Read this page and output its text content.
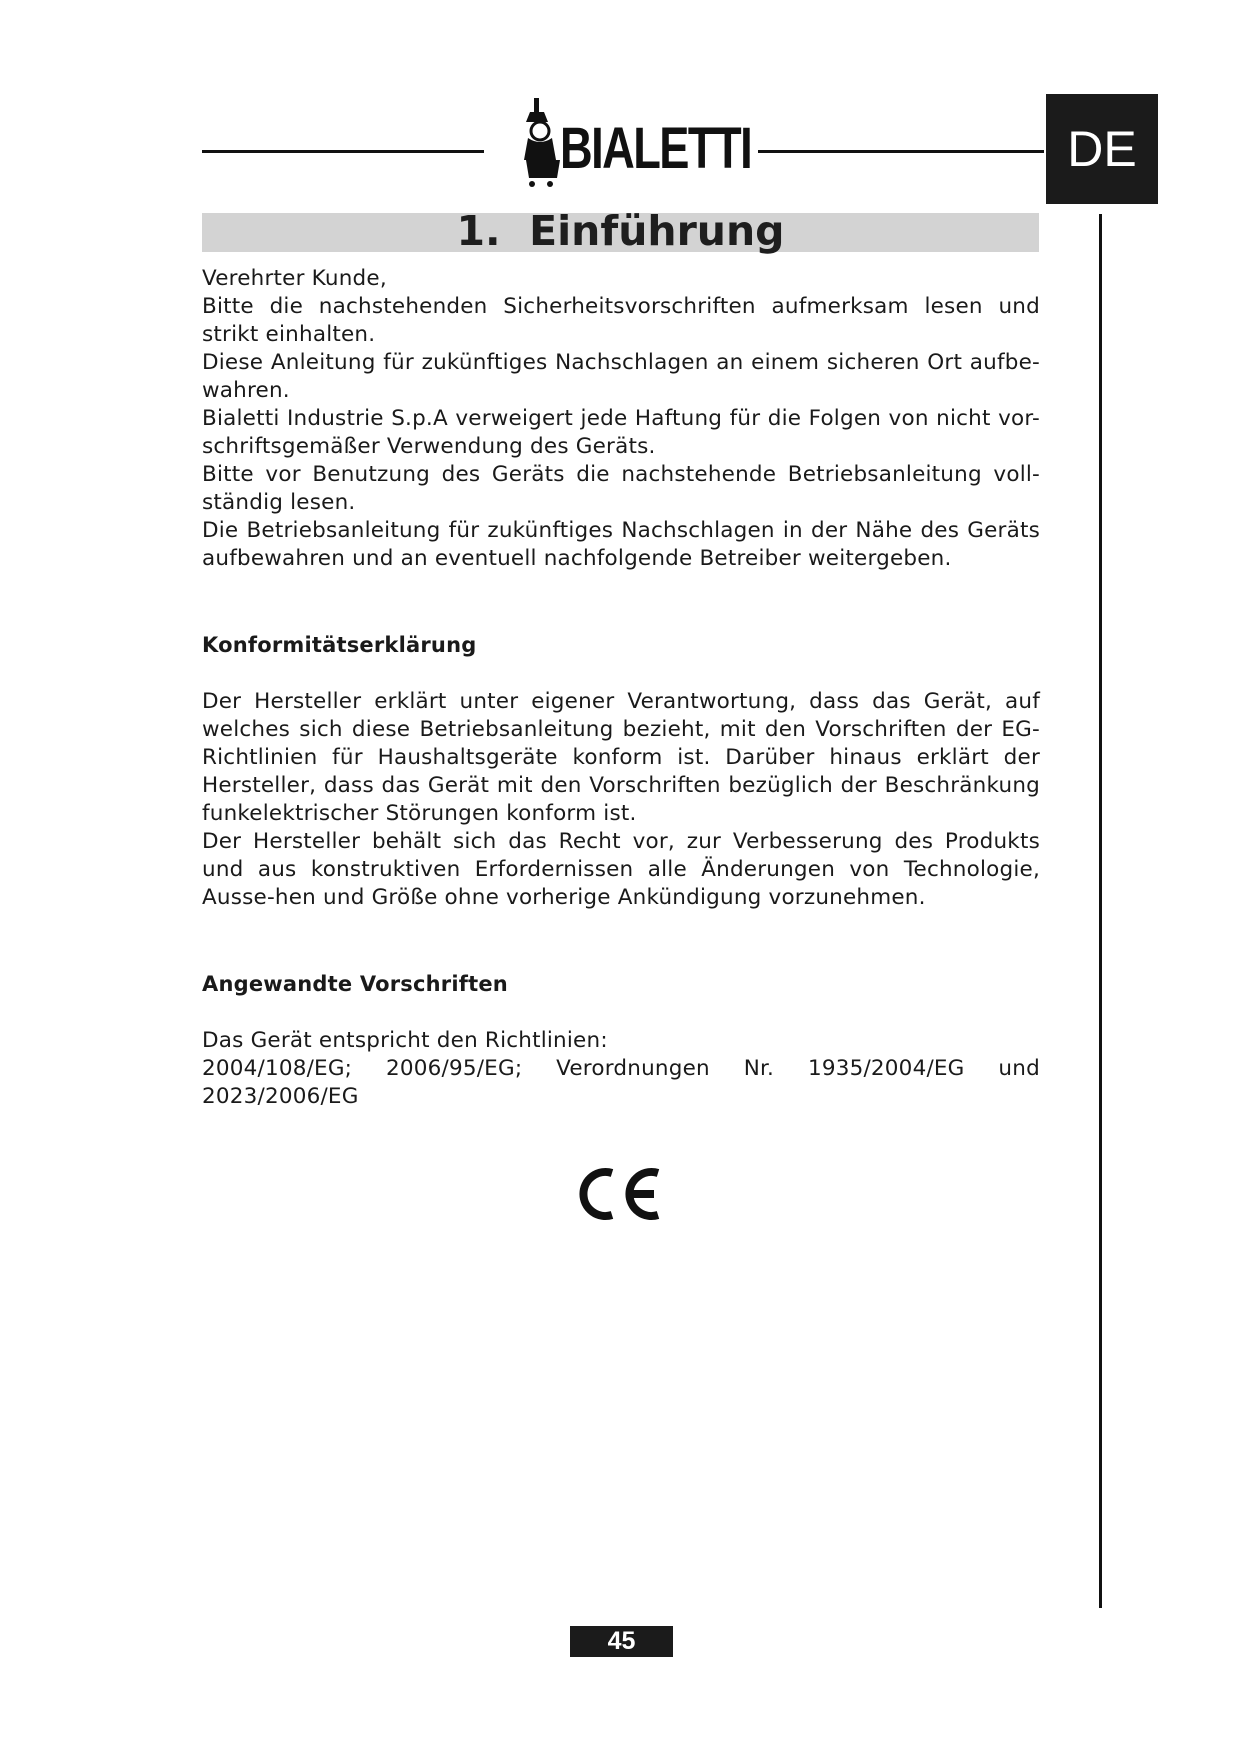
BIALETTI	DE
1. Einführung

Verehrter Kunde,

Bitte die nachstehenden Sicherheitsvorschriften aufmerksam lesen und strikt einhalten.

Diese Anleitung für zukünftiges Nachschlagen an einem sicheren Ort aufbe-wahren.

Bialetti Industrie S.p.A verweigert jede Haftung für die Folgen von nicht vor-schriftsgemäßer Verwendung des Geräts.

Bitte vor Benutzung des Geräts die nachstehende Betriebsanleitung voll-ständig lesen.

Die Betriebsanleitung für zukünftiges Nachschlagen in der Nähe des Geräts aufbewahren und an eventuell nachfolgende Betreiber weitergeben.

Konformitätserklärung

Der Hersteller erklärt unter eigener Verantwortung, dass das Gerät, auf welches sich diese Betriebsanleitung bezieht, mit den Vorschriften der EG-Richtlinien für Haushaltsgeräte konform ist. Darüber hinaus erklärt der Hersteller, dass das Gerät mit den Vorschriften bezüglich der Beschränkung funkelektrischer Störungen konform ist.

Der Hersteller behält sich das Recht vor, zur Verbesserung des Produkts und aus konstruktiven Erfordernissen alle Änderungen von Technologie, Ausse-hen und Größe ohne vorherige Ankündigung vorzunehmen.

Angewandte Vorschriften

Das Gerät entspricht den Richtlinien:

2004/108/EG; 2006/95/EG; Verordnungen Nr. 1935/2004/EG und

2023/2006/EG

45
